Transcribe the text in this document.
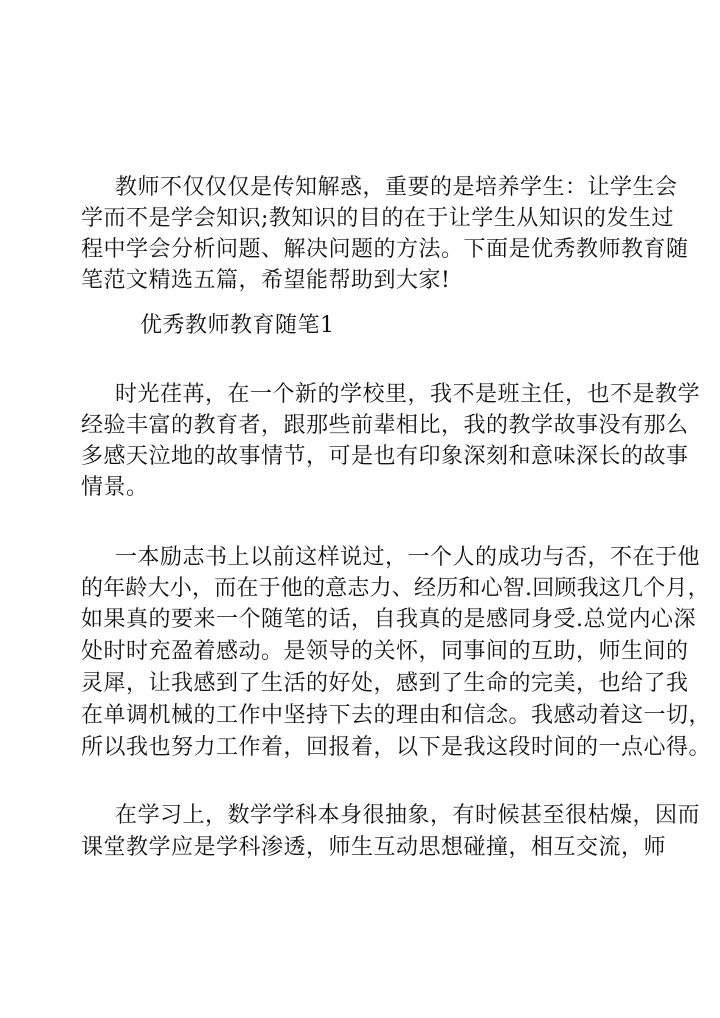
教师不仅仅仅是传知解惑，重要的是培养学生：让学生会
学而不是学会知识;教知识的目的在于让学生从知识的发生过
程中学会分析问题、解决问题的方法。下面是优秀教师教育随
笔范文精选五篇，希望能帮助到大家!
优秀教师教育随笔1
时光荏苒，在一个新的学校里，我不是班主任，也不是教学
经验丰富的教育者，跟那些前辈相比，我的教学故事没有那么
多感天泣地的故事情节，可是也有印象深刻和意味深长的故事
情景。
一本励志书上以前这样说过，一个人的成功与否，不在于他
的年龄大小，而在于他的意志力、经历和心智.回顾我这几个月，
如果真的要来一个随笔的话，自我真的是感同身受.总觉内心深
处时时充盈着感动。是领导的关怀，同事间的互助，师生间的
灵犀，让我感到了生活的好处，感到了生命的完美，也给了我
在单调机械的工作中坚持下去的理由和信念。我感动着这一切，
所以我也努力工作着，回报着，以下是我这段时间的一点心得。
在学习上，数学学科本身很抽象，有时候甚至很枯燥，因而
课堂教学应是学科渗透，师生互动思想碰撞，相互交流，师
